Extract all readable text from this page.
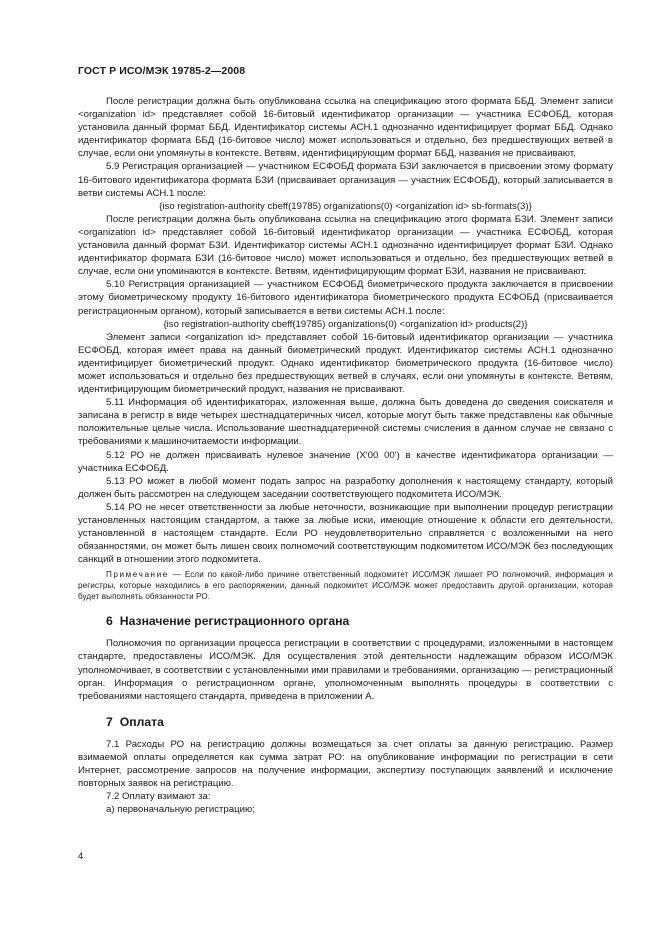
ГОСТ Р ИСО/МЭК 19785-2—2008

После регистрации должна быть опубликована ссылка на спецификацию этого формата ББД. Элемент записи <organization id> представляет собой 16-битовый идентификатор организации — участника ЕСФОБД, которая установила данный формат ББД. Идентификатор системы АСН.1 однозначно идентифицирует формат ББД. Однако идентификатор формата ББД (16-битовое число) может использоваться и отдельно, без предшествующих ветвей в случае, если они упомянуты в контексте. Ветвям, идентифицирующим формат ББД, названия не присваивают.

5.9 Регистрация организацией — участником ЕСФОБД формата БЗИ заключается в присвоении этому формату 16-битового идентификатора формата БЗИ (присваивает организация — участник ЕСФОБД), который записывается в ветви системы АСН.1 после:

{iso registration-authority cbeff(19785) organizations(0) <organization id> sb-formats(3)}

После регистрации должна быть опубликована ссылка на спецификацию этого формата БЗИ. Элемент записи <organization id> представляет собой 16-битовый идентификатор организации — участника ЕСФОБД, которая установила данный формат БЗИ. Идентификатор системы АСН.1 однозначно идентифицирует формат БЗИ. Однако идентификатор формата БЗИ (16-битовое число) может использоваться и отдельно, без предшествующих ветвей в случае, если они упоминаются в контексте. Ветвям, идентифицирующим формат БЗИ, названия не присваивают.

5.10 Регистрация организацией — участником ЕСФОБД биометрического продукта заключается в присвоении этому биометрическому продукту 16-битового идентификатора биометрического продукта ЕСФОБД (присваивается регистрационным органом), который записывается в ветви системы АСН.1 после:

{iso registration-authority cbeff(19785) organizations(0) <organization id> products(2)}

Элемент записи <organization id> представляет собой 16-битовый идентификатор организации — участника ЕСФОБД, которая имеет права на данный биометрический продукт. Идентификатор системы АСН.1 однозначно идентифицирует биометрический продукт. Однако идентификатор биометрического продукта (16-битовое число) может использоваться и отдельно без предшествующих ветвей в случаях, если они упомянуты в контексте. Ветвям, идентифицирующим биометрический продукт, названия не присваивают.

5.11 Информация об идентификаторах, изложенная выше, должна быть доведена до сведения соискателя и записана в регистр в виде четырех шестнадцатеричных чисел, которые могут быть также представлены как обычные положительные целые числа. Использование шестнадцатеричной системы счисления в данном случае не связано с требованиями к машиночитаемости информации.

5.12 РО не должен присваивать нулевое значение (X'00 00') в качестве идентификатора организации — участника ЕСФОБД.

5.13 РО может в любой момент подать запрос на разработку дополнения к настоящему стандарту, который должен быть рассмотрен на следующем заседании соответствующего подкомитета ИСО/МЭК.

5.14 РО не несет ответственности за любые неточности, возникающие при выполнении процедур регистрации установленных настоящим стандартом, а также за любые иски, имеющие отношение к области его деятельности, установленной в настоящем стандарте. Если РО неудовлетворительно справляется с возложенными на него обязанностями, он может быть лишен своих полномочий соответствующим подкомитетом ИСО/МЭК без последующих санкций в отношении этого подкомитета.

Примечание — Если по какой-либо причине ответственный подкомитет ИСО/МЭК лишает РО полномочий, информация и регистры, которые находились в его распоряжении, данный подкомитет ИСО/МЭК может предоставить другой организации, которая будет выполнять обязанности РО.

6 Назначение регистрационного органа

Полномочия по организации процесса регистрации в соответствии с процедурами, изложенными в настоящем стандарте, предоставлены ИСО/МЭК. Для осуществления этой деятельности надлежащим образом ИСО/МЭК уполномочивает, в соответствии с установленными ими правилами и требованиями, организацию — регистрационный орган. Информация о регистрационном органе, уполномоченным выполнять процедуры в соответствии с требованиями настоящего стандарта, приведена в приложении А.

7 Оплата

7.1 Расходы РО на регистрацию должны возмещаться за счет оплаты за данную регистрацию. Размер взимаемой оплаты определяется как сумма затрат РО: на опубликование информации по регистрации в сети Интернет, рассмотрение запросов на получение информации, экспертизу поступающих заявлений и исключение повторных заявок на регистрацию.

7.2 Оплату взимают за:

а) первоначальную регистрацию;

4
